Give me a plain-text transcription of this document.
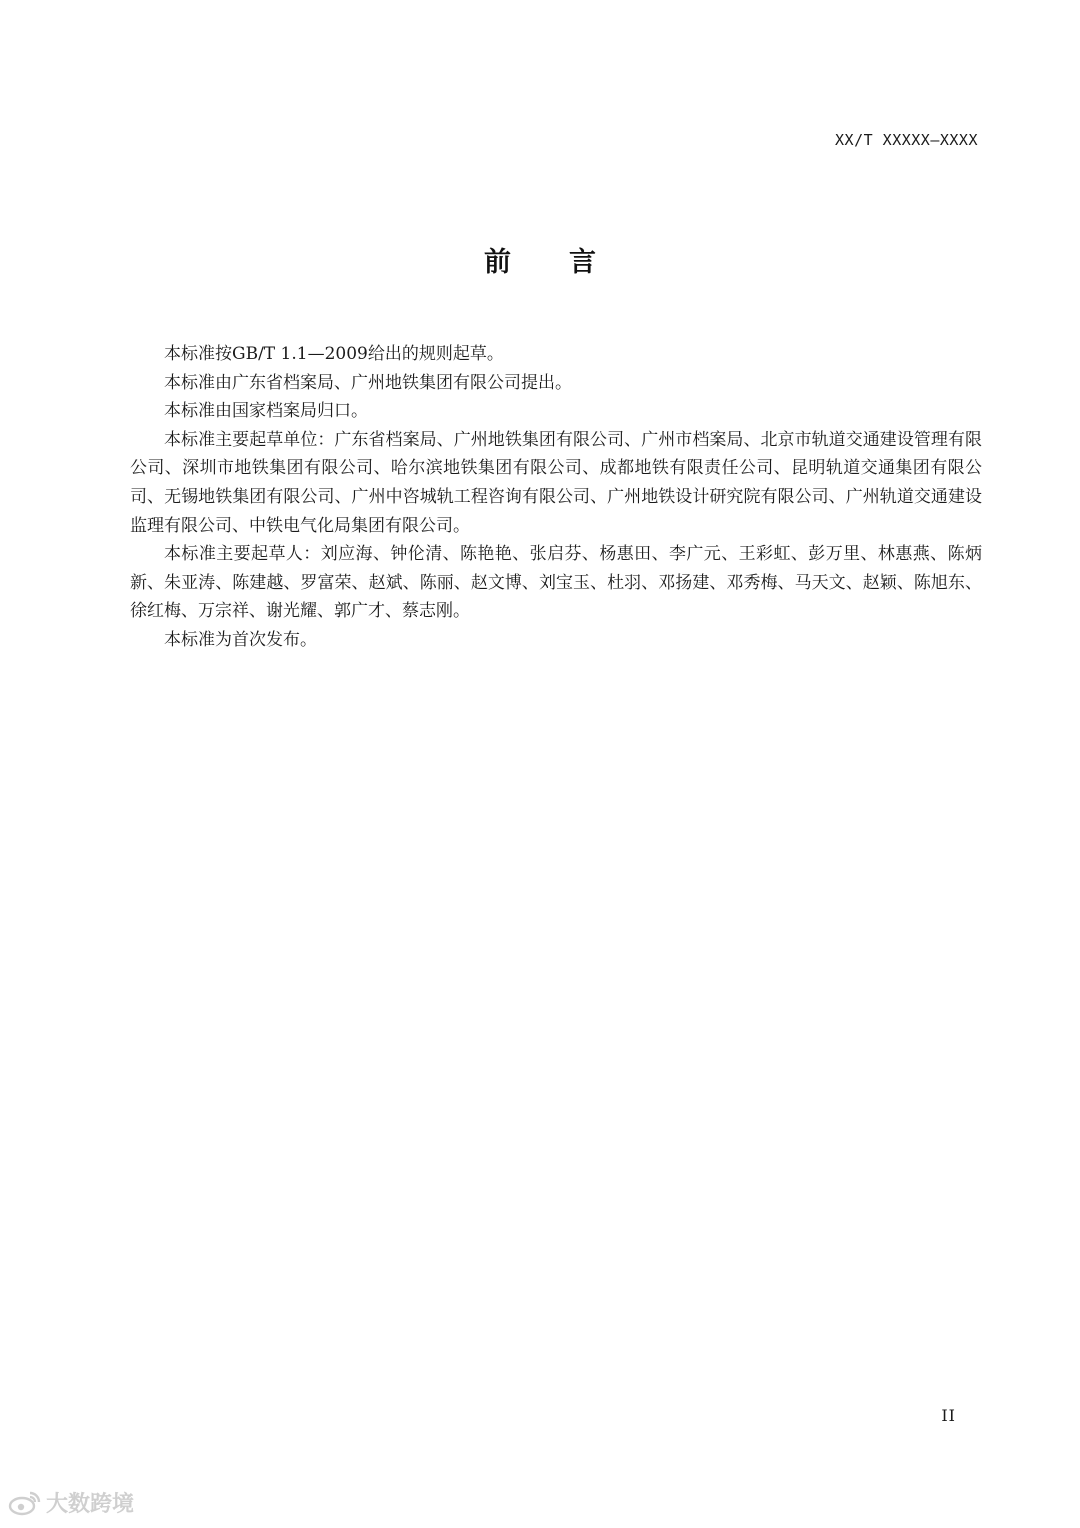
XX/T XXXXX—XXXX
前言

本标准按GB/T 1.1—2009给出的规则起草。

本标准由广东省档案局、广州地铁集团有限公司提出。

本标准由国家档案局归口。

本标准主要起草单位：广东省档案局、广州地铁集团有限公司、广州市档案局、北京市轨道交通建设管理有限公司、深圳市地铁集团有限公司、哈尔滨地铁集团有限公司、成都地铁有限责任公司、昆明轨道交通集团有限公司、无锡地铁集团有限公司、广州中咨城轨工程咨询有限公司、广州地铁设计研究院有限公司、广州轨道交通建设监理有限公司、中铁电气化局集团有限公司。

本标准主要起草人：刘应海、钟伦清、陈艳艳、张启芬、杨惠田、李广元、王彩虹、彭万里、林惠燕、陈炳新、朱亚涛、陈建越、罗富荣、赵斌、陈丽、赵文博、刘宝玉、杜羽、邓扬建、邓秀梅、马天文、赵颖、陈旭东、徐红梅、万宗祥、谢光耀、郭广才、蔡志刚。

本标准为首次发布。

II
大数跨境
